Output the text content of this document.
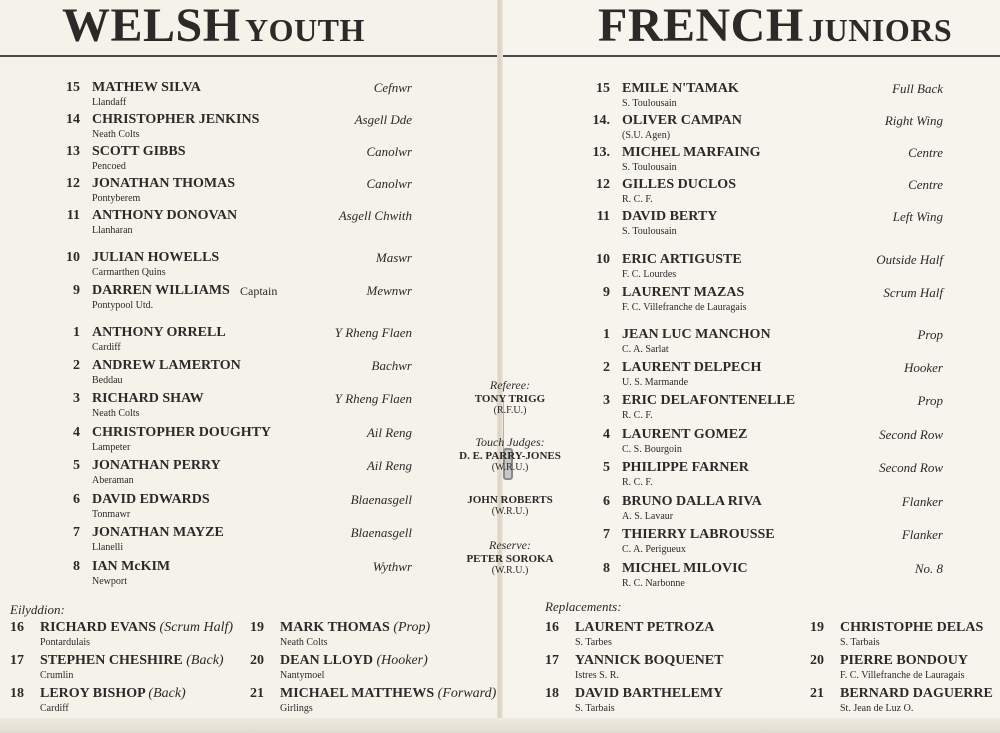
WELSH YOUTH	FRENCH JUNIORS
15 MATHEW SILVA
Llandaff
Cefnwr
14 CHRISTOPHER JENKINS
Neath Colts
Asgell Dde
13 SCOTT GIBBS
Pencoed
Canolwr
12 JONATHAN THOMAS
Pontyberem
Canolwr
11 ANTHONY DONOVAN
Llanharan
Asgell Chwith
10 JULIAN HOWELLS
Carmarthen Quins
Maswr
9 DARREN WILLIAMS
Pontypool Utd.
Captain	Mewnwr
1 ANTHONY ORRELL
Cardiff
Y Rheng Flaen
2 ANDREW LAMERTON
Beddau
Bachwr
3 RICHARD SHAW
Neath Colts
Y Rheng Flaen
4 CHRISTOPHER DOUGHTY
Lampeter
Ail Reng
5 JONATHAN PERRY
Aberaman
Ail Reng
6 DAVID EDWARDS
Tonmawr
Blaenasgell
7 JONATHAN MAYZE
Llanelli
Blaenasgell
8 IAN McKIM
Newport
Wythwr
15 EMILE N'TAMAK
S. Toulousain
Full Back
14. OLIVER CAMPAN
(S.U. Agen)
Right Wing
13. MICHEL MARFAING
S. Toulousain
Centre
12 GILLES DUCLOS
R. C. F.
Centre
11 DAVID BERTY
S. Toulousain
Left Wing
10 ERIC ARTIGUSTE
F. C. Lourdes
Outside Half
9 LAURENT MAZAS
F. C. Villefranche de Lauragais
Scrum Half
1 JEAN LUC MANCHON
C. A. Sarlat
Prop
2 LAURENT DELPECH
U. S. Marmande
Hooker
3 ERIC DELAFONTENELLE
R. C. F.
Prop
4 LAURENT GOMEZ
C. S. Bourgoin
Second Row
5 PHILIPPE FARNER
R. C. F.
Second Row
6 BRUNO DALLA RIVA
A. S. Lavaur
Flanker
7 THIERRY LABROUSSE
C. A. Perigueux
Flanker
8 MICHEL MILOVIC
R. C. Narbonne
No. 8
Referee:
TONY TRIGG
(R.F.U.)
Touch Judges:
D. E. PARRY-JONES
(W.R.U.)
JOHN ROBERTS
(W.R.U.)
Reserve:
PETER SOROKA
(W.R.U.)
Eilyddion:	Replacements:
16 RICHARD EVANS (Scrum Half)
Pontardulais
17 STEPHEN CHESHIRE (Back)
Crumlin
18 LEROY BISHOP (Back)
Cardiff
19 MARK THOMAS (Prop)
Neath Colts
20 DEAN LLOYD (Hooker)
Nantymoel
21 MICHAEL MATTHEWS (Forward)
Girlings
16 LAURENT PETROZA
S. Tarbes
17 YANNICK BOQUENET
Istres S. R.
18 DAVID BARTHELEMY
S. Tarbais
19 CHRISTOPHE DELAS
S. Tarbais
20 PIERRE BONDOUY
F. C. Villefranche de Lauragais
21 BERNARD DAGUERRE
St. Jean de Luz O.
